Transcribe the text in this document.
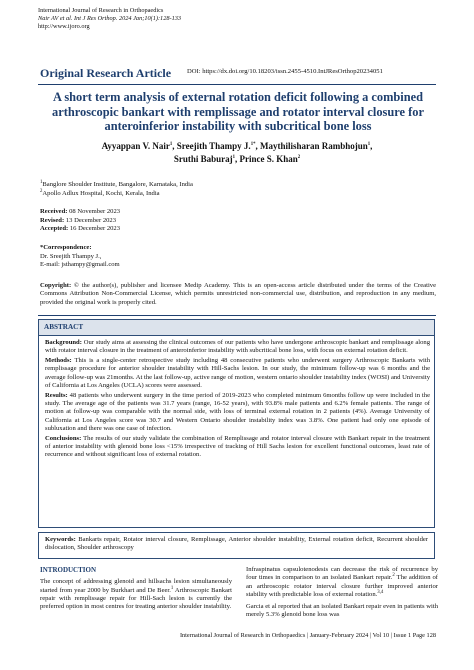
International Journal of Research in Orthopaedics
Nair AV et al. Int J Res Orthop. 2024 Jan;10(1):128-133
http://www.ijoro.org
Original Research Article DOI: https://dx.doi.org/10.18203/issn.2455-4510.IntJResOrthop20234051
A short term analysis of external rotation deficit following a combined arthroscopic bankart with remplissage and rotator interval closure for anteroinferior instability with subcritical bone loss
Ayyappan V. Nair$^1$, Sreejith Thampy J.$^{1*}$, Maythilisharan Rambhojun$^1$,
Sruthi Baburaj$^1$, Prince S. Khan$^2$
$^1$Banglore Shoulder Institute, Bangalore, Karnataka, India
$^2$Apollo Adlux Hospital, Kochi, Kerala, India
Received: 08 November 2023
Revised: 13 December 2023
Accepted: 16 December 2023
*Correspondence:
Dr. Sreejith Thampy J.,
E-mail: jsthampy@gmail.com
Copyright: © the author(s), publisher and licensee Medip Academy. This is an open-access article distributed under the terms of the Creative Commons Attribution Non-Commercial License, which permits unrestricted non-commercial use, distribution, and reproduction in any medium, provided the original work is properly cited.
ABSTRACT

Background: Our study aims at assessing the clinical outcomes of our patients who have undergone arthroscopic bankart and remplissage along with rotator interval closure in the treatment of anteroinferior instability with subcritical bone loss, with focus on external rotation deficit.

Methods: This is a single-center retrospective study including 48 consecutive patients who underwent surgery Arthroscopic Bankarts with remplissage procedure for anterior shoulder instability with Hill-Sachs lesion. In our study, the minimum follow-up was 6 months and the average follow-up was 21months. At the last follow-up, active range of motion, western ontario shoulder instability index (WOSI) and University of California at Los Angeles (UCLA) scores were assessed.

Results: 48 patients who underwent surgery in the time period of 2019-2023 who completed minimum 6months follow up were included in the study. The average age of the patients was 31.7 years (range, 16-52 years), with 93.8% male patients and 6.2% female patients. The range of motion at follow-up was comparable with the normal side, with loss of terminal external rotation in 2 patients (4%). Average University of California at Los Angeles score was 30.7 and Western Ontario shoulder instability index was 3.8%. One patient had only one episode of subluxation and there was one case of infection.

Conclusions: The results of our study validate the combination of Remplissage and rotator interval closure with Bankart repair in the treatment of anterior instability with glenoid bone loss <15% irrespective of tracking of Hill Sachs lesion for excellent functional outcomes, least rate of recurrence and without significant loss of external rotation.

Keywords: Bankarts repair, Rotator interval closure, Remplissage, Anterior shoulder instability, External rotation deficit, Recurrent shoulder dislocation, Shoulder arthroscopy
INTRODUCTION

The concept of addressing glenoid and hillsachs lesion simultaneously started from year 2000 by Burkhart and De Beer.$^1$ Arthroscopic Bankart repair with remplissage repair for Hill-Sach lesion is currently the preferred option in most centres for treating anterior shoulder instability.

Infraspinatus capsulotenodesis can decrease the risk of recurrence by four times in comparison to an isolated Bankart repair.$^2$ The addition of an arthroscopic rotator interval closure further improved anterior stability with predictable loss of external rotation.$^{3,4}$

Garcia et al reported that an isolated Bankart repair even in patients with merely 5.3% glenoid bone loss was

International Journal of Research in Orthopaedics | January-February 2024 | Vol 10 | Issue 1 Page 128
